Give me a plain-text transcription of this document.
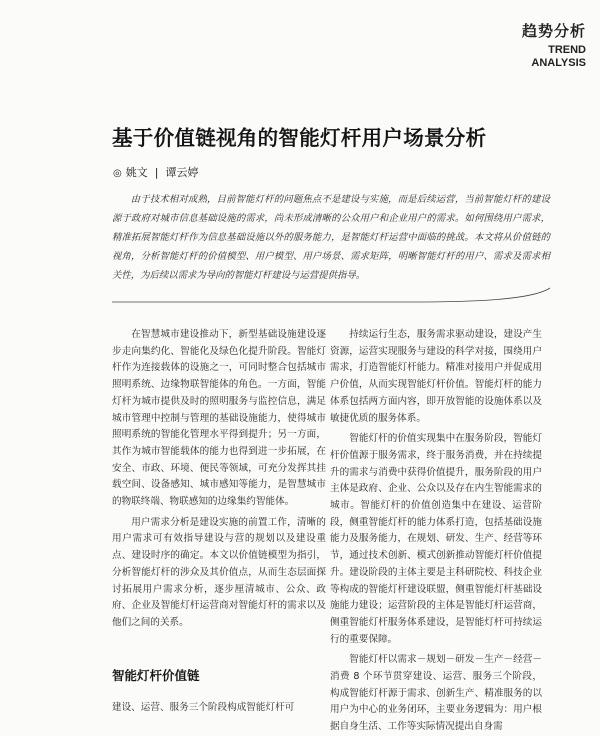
趋势分析
TREND
ANALYSIS
基于价值链视角的智能灯杆用户场景分析
◎ 姚文 | 谭云婷
由于技术相对成熟，目前智能灯杆的问题焦点不是建设与实施，而是后续运营，当前智能灯杆的建设源于政府对城市信息基础设施的需求，尚未形成清晰的公众用户和企业用户的需求。如何围绕用户需求，精准拓展智能灯杆作为信息基础设施以外的服务能力，是智能灯杆运营中面临的挑战。本文将从价值链的视角，分析智能灯杆的价值模型、用户模型、用户场景、需求矩阵，明晰智能灯杆的用户、需求及需求相关性，为后续以需求为导向的智能灯杆建设与运营提供指导。

在智慧城市建设推动下，新型基础设施建设逐步走向集约化、智能化及绿色化提升阶段。智能灯杆作为连接载体的设施之一，可同时整合包括城市照明系统、边缘物联智能体的角色。一方面，智能灯杆为城市提供及时的照明服务与监控信息，满足城市管理中控制与管理的基础设施能力，使得城市照明系统的智能化管理水平得到提升；另一方面，其作为城市智能载体的能力也得到进一步拓展，在安全、市政、环境、便民等领域，可充分发挥其挂载空间、设备感知、城市感知等能力，是智慧城市的物联终端、物联感知的边缘集约智能体。

用户需求分析是建设实施的前置工作，清晰的用户需求可有效指导建设与营的规划以及建设重点、建设时序的确定。本文以价值链模型为指引，分析智能灯杆的涉众及其价值点，从而生态层面探讨拓展用户需求分析，逐步厘清城市、公众、政府、企业及智能灯杆运营商对智能灯杆的需求以及他们之间的关系。

智能灯杆价值链
建设、运营、服务三个阶段构成智能灯杆可

持续运行生态，服务需求驱动建设，建设产生资源，运营实现服务与建设的科学对接，围绕用户需求，打造智能灯杆能力。精准对接用户并促成用户价值，从而实现智能灯杆价值。智能灯杆的能力体系包括两方面内容，即开放智能的设施体系以及敏捷优质的服务体系。

智能灯杆的价值实现集中在服务阶段，智能灯杆价值源于服务需求，终于服务消费，并在持续提升的需求与消费中获得价值提升，服务阶段的用户主体是政府、企业、公众以及存在内生智能需求的城市。智能灯杆的价值创造集中在建设、运营阶段，侧重智能灯杆的能力体系打造，包括基础设施能力及服务能力，在规划、研发、生产、经营等环节，通过技术创新、模式创新推动智能灯杆价值提升。建设阶段的主体主要是主科研院校、科技企业等构成的智能灯杆建设联盟，侧重智能灯杆基础设施能力建设；运营阶段的主体是智能灯杆运营商，侧重智能灯杆服务体系建设，是智能灯杆可持续运行的重要保障。

智能灯杆以需求－规划－研发－生产－经营－消费 8 个环节贯穿建设、运营、服务三个阶段，构成智能灯杆源于需求、创新生产、精准服务的以用户为中心的业务闭环，主要业务逻辑为：用户根据自身生活、工作等实际情况提出自身需
